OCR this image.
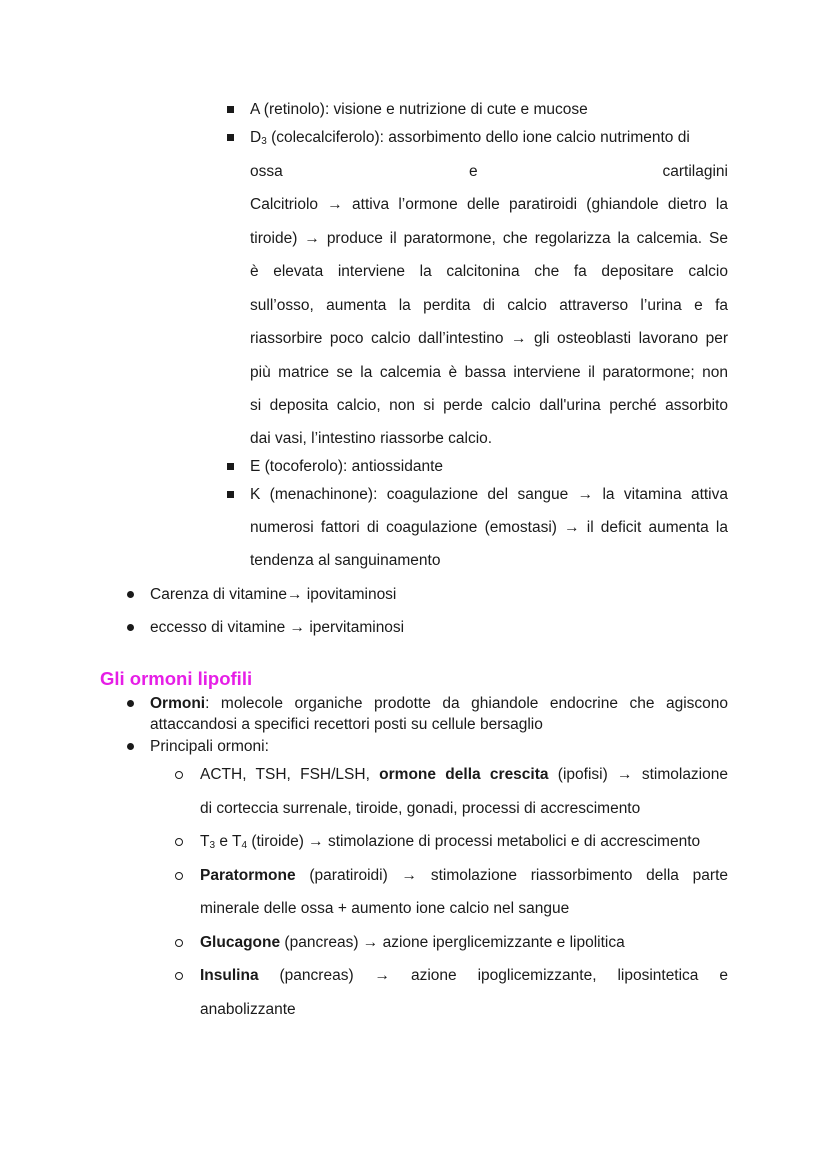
A (retinolo): visione e nutrizione di cute e mucose
$D_3$ (colecalciferolo): assorbimento dello ione calcio nutrimento di
ossa	e	cartilagini
Calcitriolo → attiva l’ormone delle paratiroidi (ghiandole dietro la
tiroide) → produce il paratormone, che regolarizza la calcemia. Se
è elevata interviene la calcitonina che fa depositare calcio
sull’osso, aumenta la perdita di calcio attraverso l’urina e fa
riassorbire poco calcio dall’intestino → gli osteoblasti lavorano per
più matrice se la calcemia è bassa interviene il paratormone; non
si deposita calcio, non si perde calcio dall'urina perché assorbito
dai vasi, l’intestino riassorbe calcio.
E (tocoferolo): antiossidante
K (menachinone): coagulazione del sangue → la vitamina attiva
numerosi fattori di coagulazione (emostasi) → il deficit aumenta la
tendenza al sanguinamento
Carenza di vitamine→ ipovitaminosi
eccesso di vitamine → ipervitaminosi
Gli ormoni lipofili
Ormoni: molecole organiche prodotte da ghiandole endocrine che agiscono
attaccandosi a specifici recettori posti su cellule bersaglio
Principali ormoni:
ACTH, TSH, FSH/LSH, ormone della crescita (ipofisi) → stimolazione
di corteccia surrenale, tiroide, gonadi, processi di accrescimento
$T_3$ e $T_4$ (tiroide) → stimolazione di processi metabolici e di accrescimento
Paratormone (paratiroidi) → stimolazione riassorbimento della parte
minerale delle ossa + aumento ione calcio nel sangue
Glucagone (pancreas) → azione iperglicemizzante e lipolitica
Insulina (pancreas) → azione ipoglicemizzante, liposintetica e
anabolizzante
